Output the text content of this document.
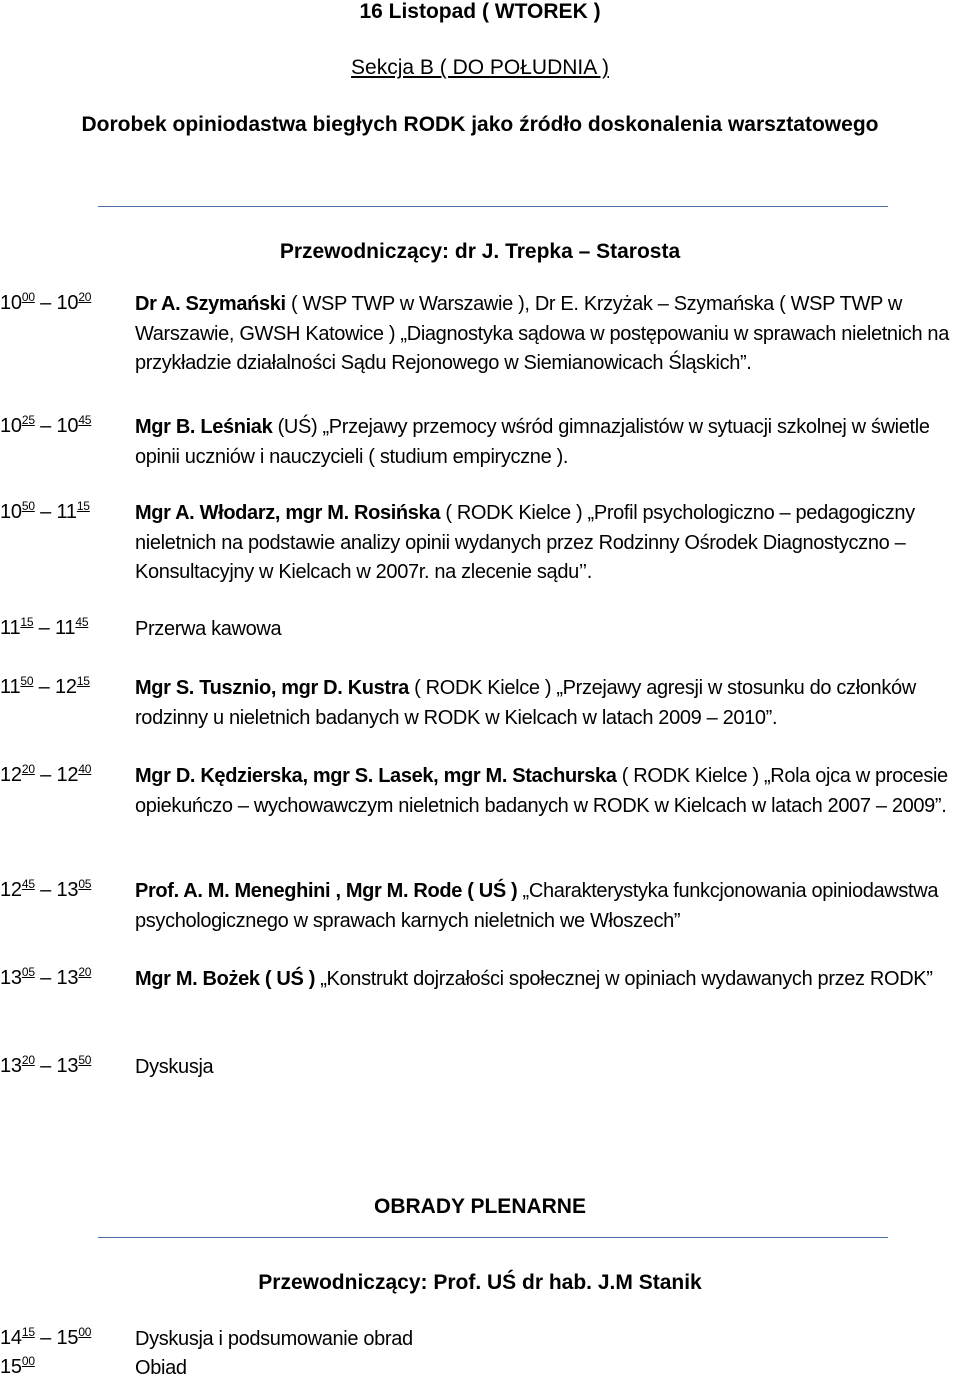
16 Listopad ( WTOREK )
Sekcja B ( DO POŁUDNIA )
Dorobek opiniodastwa biegłych RODK jako źródło doskonalenia warsztatowego
Przewodniczący: dr J. Trepka – Starosta
$10^{00} - 10^{20}$	Dr A. Szymański ( WSP TWP w Warszawie ), Dr E. Krzyżak – Szymańska ( WSP TWP w Warszawie, GWSH Katowice ) „Diagnostyka sądowa w postępowaniu w sprawach nieletnich na przykładzie działalności Sądu Rejonowego w Siemianowicach Śląskich”.
$10^{25} - 10^{45}$	Mgr B. Leśniak (UŚ) „Przejawy przemocy wśród gimnazjalistów w sytuacji szkolnej w świetle opinii uczniów i nauczycieli ( studium empiryczne ).
$10^{50} - 11^{15}$	Mgr A. Włodarz, mgr M. Rosińska ( RODK Kielce ) „Profil psychologiczno – pedagogiczny nieletnich na podstawie analizy opinii wydanych przez Rodzinny Ośrodek Diagnostyczno – Konsultacyjny w Kielcach w 2007r. na zlecenie sądu’’.
$11^{15} - 11^{45}$	Przerwa kawowa
$11^{50} - 12^{15}$	Mgr S. Tusznio, mgr D. Kustra ( RODK Kielce ) „Przejawy agresji w stosunku do członków rodzinny u nieletnich badanych w RODK w Kielcach w latach 2009 – 2010”.
$12^{20} - 12^{40}$	Mgr D. Kędzierska, mgr S. Lasek, mgr M. Stachurska ( RODK Kielce ) „Rola ojca w procesie opiekuńczo – wychowawczym nieletnich badanych w RODK w Kielcach w latach 2007 – 2009”.
$12^{45} - 13^{05}$	Prof. A. M. Meneghini , Mgr M. Rode ( UŚ ) „Charakterystyka funkcjonowania opiniodawstwa psychologicznego w sprawach karnych nieletnich we Włoszech”
$13^{05} - 13^{20}$	Mgr M. Bożek ( UŚ ) „Konstrukt dojrzałości społecznej w opiniach wydawanych przez RODK”
$13^{20} - 13^{50}$	Dyskusja
OBRADY PLENARNE
Przewodniczący: Prof. UŚ dr hab. J.M Stanik
$14^{15} - 15^{00}$	Dyskusja i podsumowanie obrad
$15^{00}$	Obiad
